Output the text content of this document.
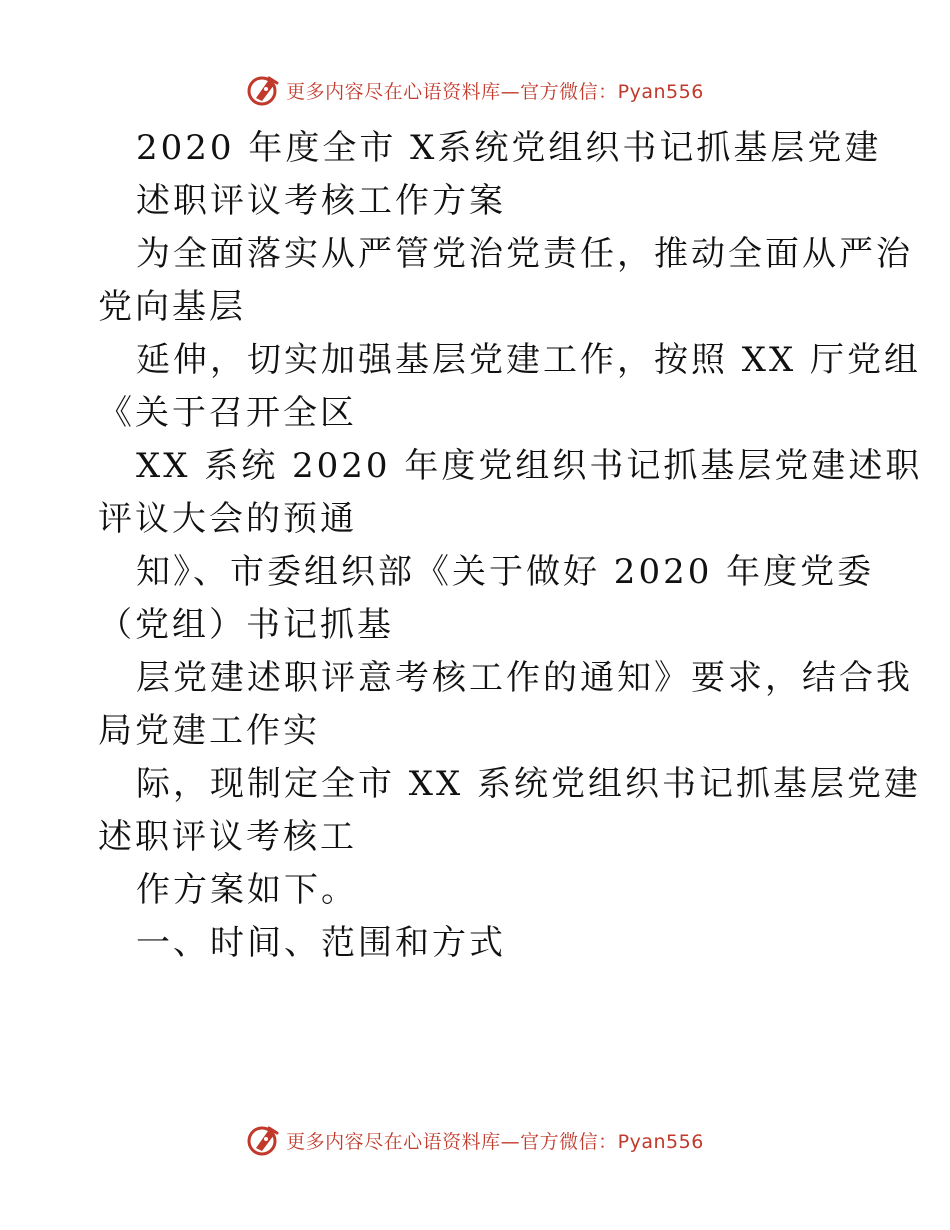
更多内容尽在心语资料库—官方微信：Pyan556
2020 年度全市 X系统党组织书记抓基层党建
述职评议考核工作方案
为全面落实从严管党治党责任，推动全面从严治
党向基层
延伸，切实加强基层党建工作，按照 XX 厅党组
《关于召开全区
XX 系统 2020 年度党组织书记抓基层党建述职
评议大会的预通
知》、市委组织部《关于做好 2020 年度党委
（党组）书记抓基
层党建述职评意考核工作的通知》要求，结合我
局党建工作实
际，现制定全市 XX 系统党组织书记抓基层党建
述职评议考核工
作方案如下。
一、时间、范围和方式
更多内容尽在心语资料库—官方微信：Pyan556
